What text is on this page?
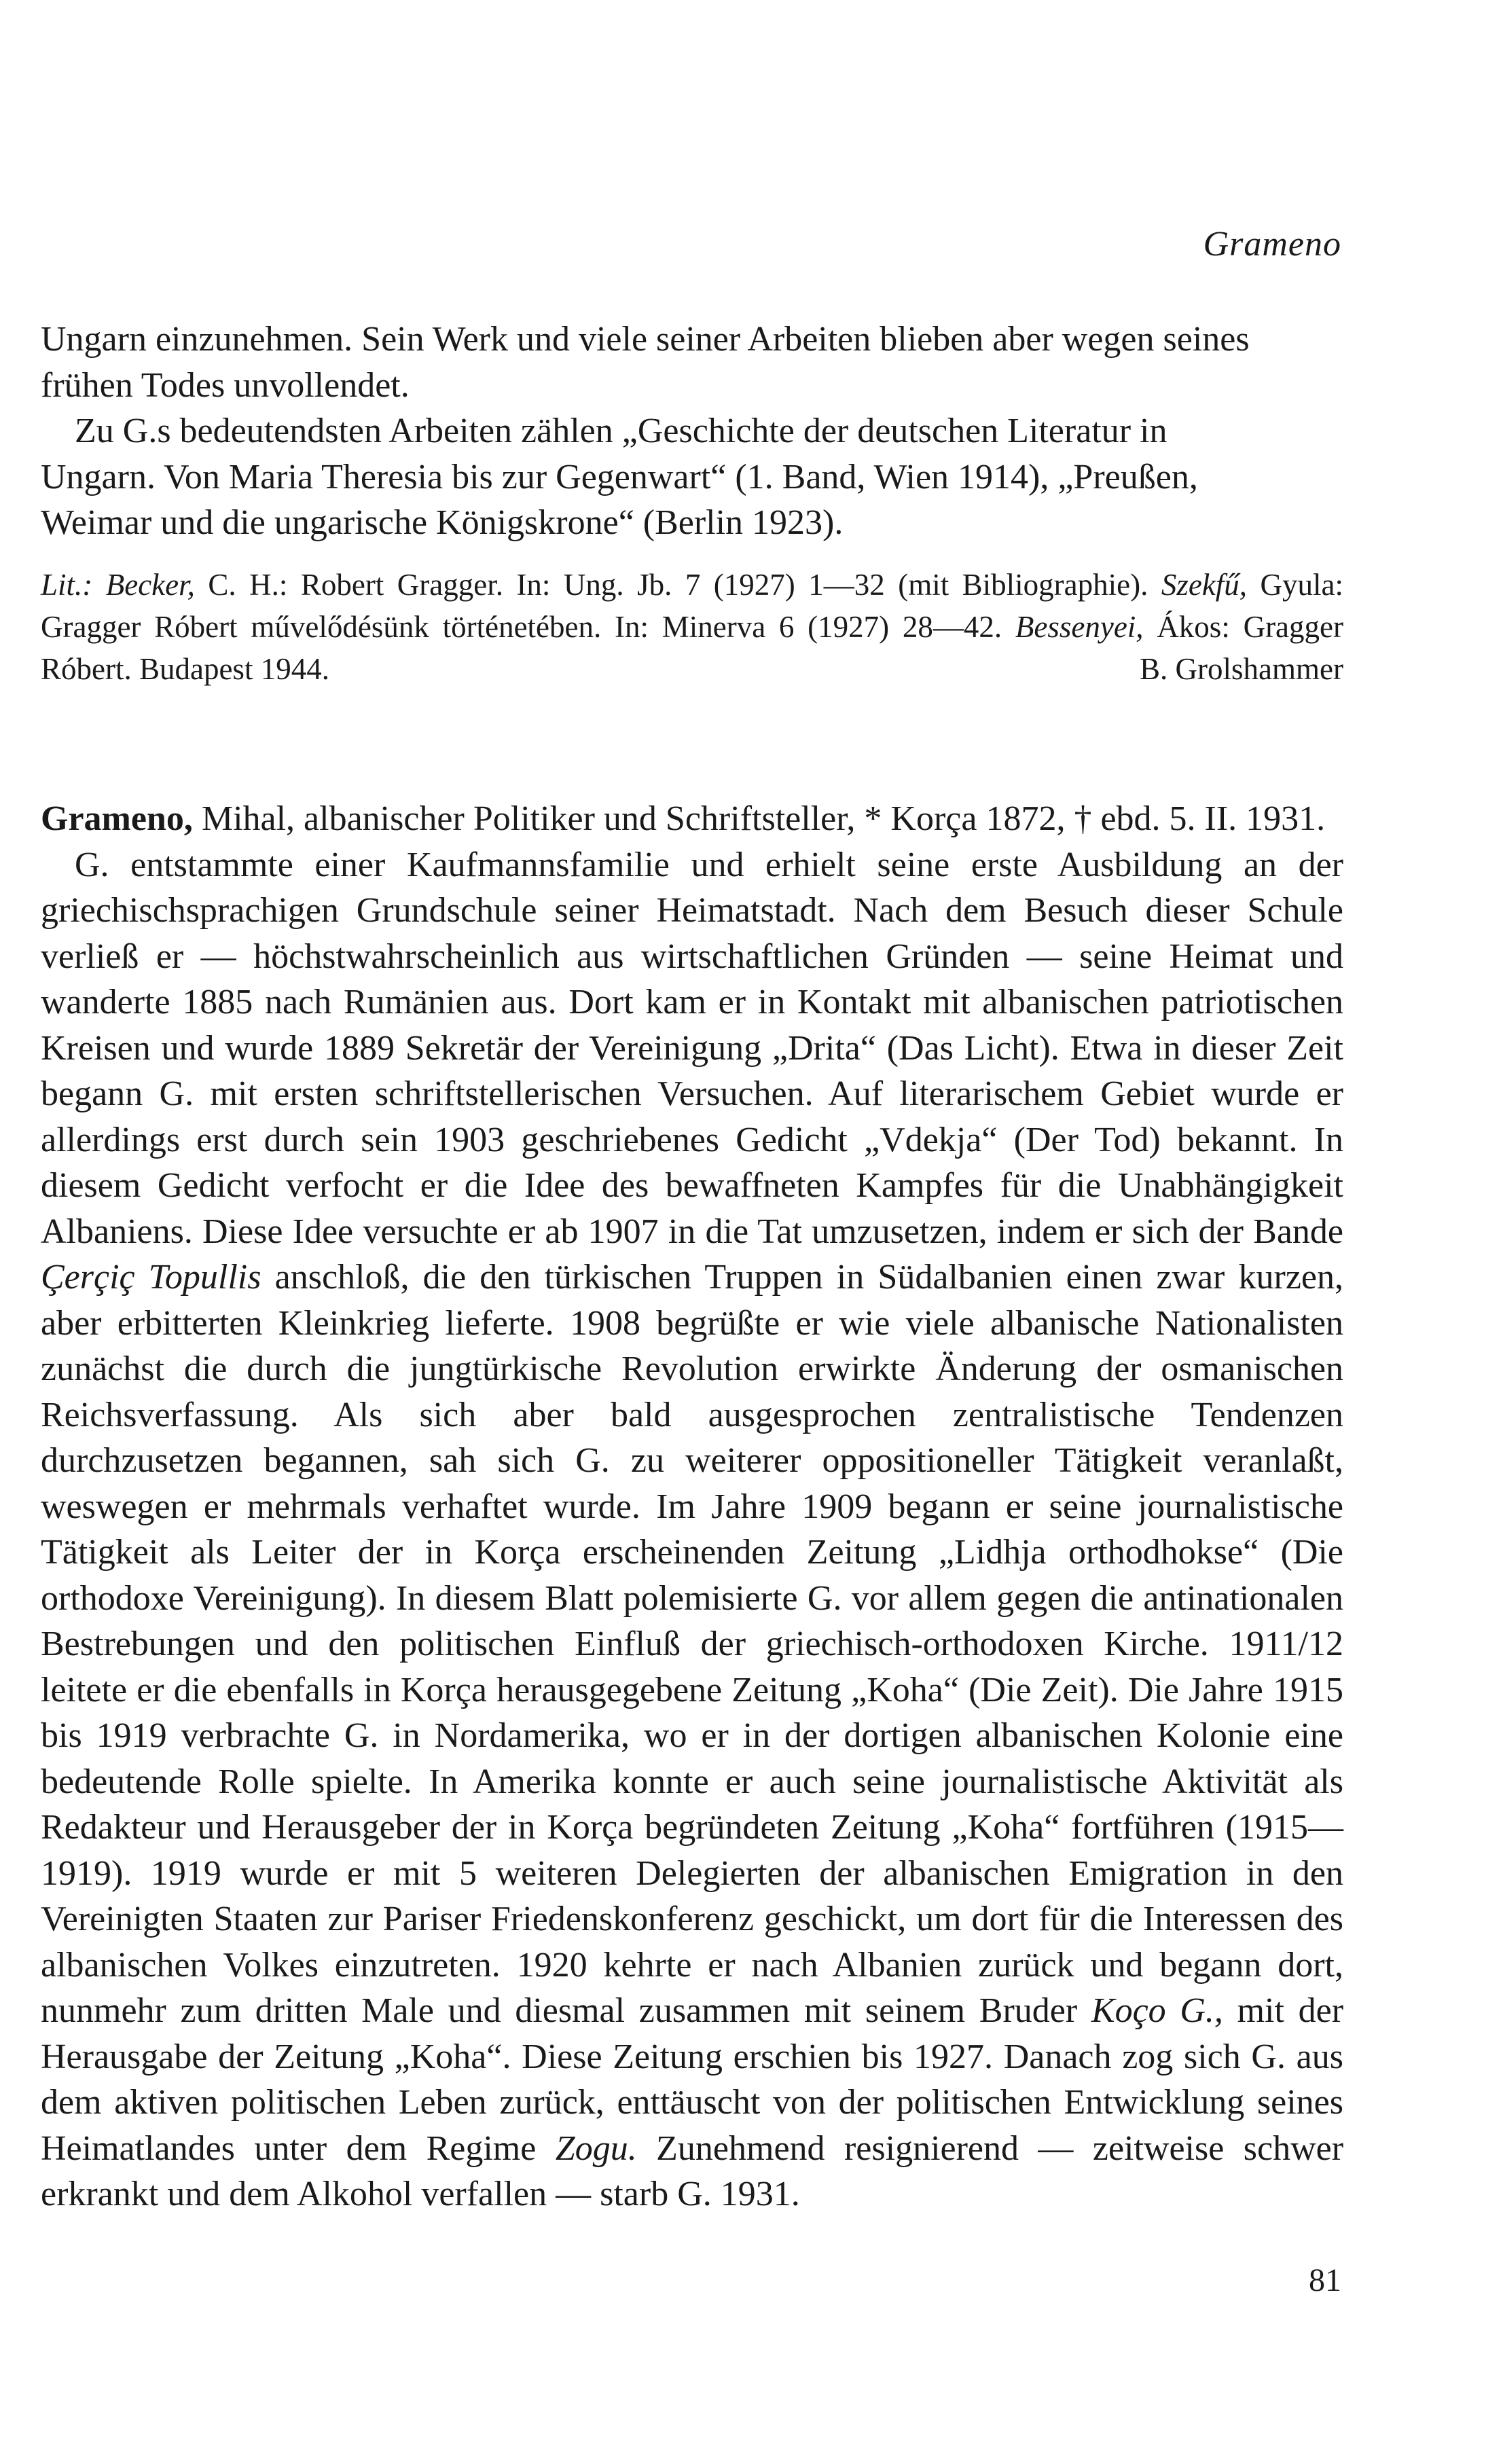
Grameno

Ungarn einzunehmen. Sein Werk und viele seiner Arbeiten blieben aber wegen seines

frühen Todes unvollendet.

Zu G.s bedeutendsten Arbeiten zählen „Geschichte der deutschen Literatur in

Ungarn. Von Maria Theresia bis zur Gegenwart“ (1. Band, Wien 1914), „Preußen,

Weimar und die ungarische Königskrone“ (Berlin 1923).

Lit.: Becker, C. H.: Robert Gragger. In: Ung. Jb. 7 (1927) 1—32 (mit Bibliographie). Szekfű, Gyula: Gragger Róbert művelődésünk történetében. In: Minerva 6 (1927) 28—42. Bessenyei, Ákos: Gragger Róbert. Budapest 1944.	B. Grolshammer

Grameno, Mihal, albanischer Politiker und Schriftsteller, * Korça 1872, † ebd. 5. II. 1931.

G. entstammte einer Kaufmannsfamilie und erhielt seine erste Ausbildung an der griechischsprachigen Grundschule seiner Heimatstadt. Nach dem Besuch dieser Schule verließ er — höchstwahrscheinlich aus wirtschaftlichen Gründen — seine Heimat und wanderte 1885 nach Rumänien aus. Dort kam er in Kontakt mit albanischen patriotischen Kreisen und wurde 1889 Sekretär der Vereinigung „Drita“ (Das Licht). Etwa in dieser Zeit begann G. mit ersten schriftstellerischen Versuchen. Auf literarischem Gebiet wurde er allerdings erst durch sein 1903 geschriebenes Gedicht „Vdekja“ (Der Tod) bekannt. In diesem Gedicht verfocht er die Idee des bewaffneten Kampfes für die Unabhängigkeit Albaniens. Diese Idee versuchte er ab 1907 in die Tat umzusetzen, indem er sich der Bande Çerçiç Topullis anschloß, die den türkischen Truppen in Südalbanien einen zwar kurzen, aber erbitterten Kleinkrieg lieferte. 1908 begrüßte er wie viele albanische Nationalisten zunächst die durch die jungtürkische Revolution erwirkte Änderung der osmanischen Reichsverfassung. Als sich aber bald ausgesprochen zentralistische Tendenzen durchzusetzen begannen, sah sich G. zu weiterer oppositioneller Tätigkeit veranlaßt, weswegen er mehrmals verhaftet wurde. Im Jahre 1909 begann er seine journalistische Tätigkeit als Leiter der in Korça erscheinenden Zeitung „Lidhja orthodhokse“ (Die orthodoxe Vereinigung). In diesem Blatt polemisierte G. vor allem gegen die antinationalen Bestrebungen und den politischen Einfluß der griechisch-orthodoxen Kirche. 1911/12 leitete er die ebenfalls in Korça herausgegebene Zeitung „Koha“ (Die Zeit). Die Jahre 1915 bis 1919 verbrachte G. in Nordamerika, wo er in der dortigen albanischen Kolonie eine bedeutende Rolle spielte. In Amerika konnte er auch seine journalistische Aktivität als Redakteur und Herausgeber der in Korça begründeten Zeitung „Koha“ fortführen (1915—1919). 1919 wurde er mit 5 weiteren Delegierten der albanischen Emigration in den Vereinigten Staaten zur Pariser Friedenskonferenz geschickt, um dort für die Interessen des albanischen Volkes einzutreten. 1920 kehrte er nach Albanien zurück und begann dort, nunmehr zum dritten Male und diesmal zusammen mit seinem Bruder Koço G., mit der Herausgabe der Zeitung „Koha“. Diese Zeitung erschien bis 1927. Danach zog sich G. aus dem aktiven politischen Leben zurück, enttäuscht von der politischen Entwicklung seines Heimatlandes unter dem Regime Zogu. Zunehmend resignierend — zeitweise schwer erkrankt und dem Alkohol verfallen — starb G. 1931.

81
